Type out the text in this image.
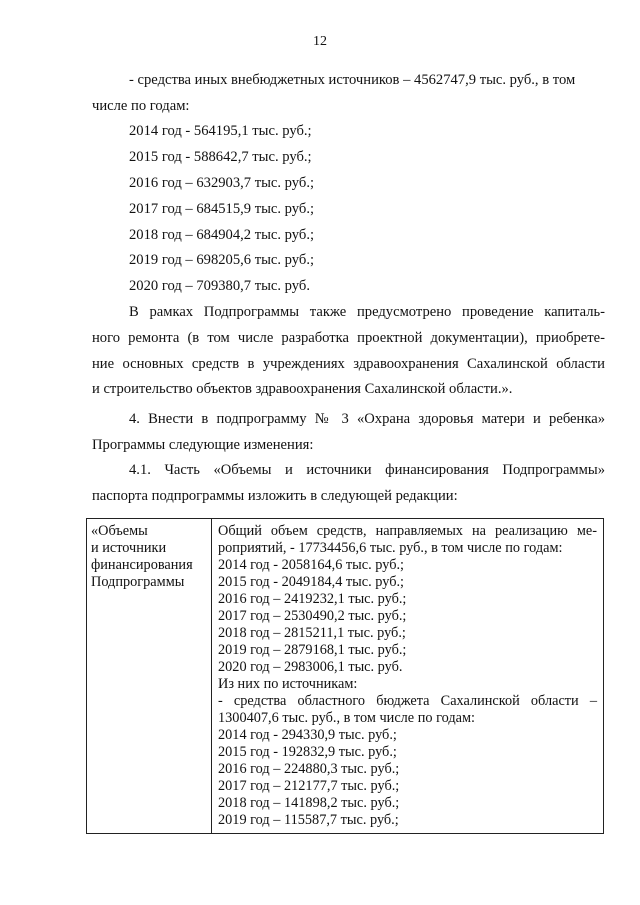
12
- средства иных внебюджетных источников – 4562747,9 тыс. руб., в том
числе по годам:
2014 год - 564195,1 тыс. руб.;
2015 год - 588642,7 тыс. руб.;
2016 год – 632903,7 тыс. руб.;
2017 год – 684515,9 тыс. руб.;
2018 год – 684904,2 тыс. руб.;
2019 год – 698205,6 тыс. руб.;
2020 год – 709380,7 тыс. руб.
В рамках Подпрограммы также предусмотрено проведение капиталь-
ного ремонта (в том числе разработка проектной документации), приобрете-
ние основных средств в учреждениях здравоохранения Сахалинской области
и строительство объектов здравоохранения Сахалинской области.».
4. Внести в подпрограмму № 3 «Охрана здоровья матери и ребенка»
Программы следующие изменения:
4.1. Часть «Объемы и источники финансирования Подпрограммы»
паспорта подпрограммы изложить в следующей редакции:
«Объемы
и источники
финансирования
Подпрограммы

Общий объем средств, направляемых на реализацию ме-
роприятий, - 17734456,6 тыс. руб., в том числе по годам:
2014 год - 2058164,6 тыс. руб.;
2015 год - 2049184,4 тыс. руб.;
2016 год – 2419232,1 тыс. руб.;
2017 год – 2530490,2 тыс. руб.;
2018 год – 2815211,1 тыс. руб.;
2019 год – 2879168,1 тыс. руб.;
2020 год – 2983006,1 тыс. руб.
Из них по источникам:
- средства областного бюджета Сахалинской области –
1300407,6 тыс. руб., в том числе по годам:
2014 год - 294330,9 тыс. руб.;
2015 год - 192832,9 тыс. руб.;
2016 год – 224880,3 тыс. руб.;
2017 год – 212177,7 тыс. руб.;
2018 год – 141898,2 тыс. руб.;
2019 год – 115587,7 тыс. руб.;
